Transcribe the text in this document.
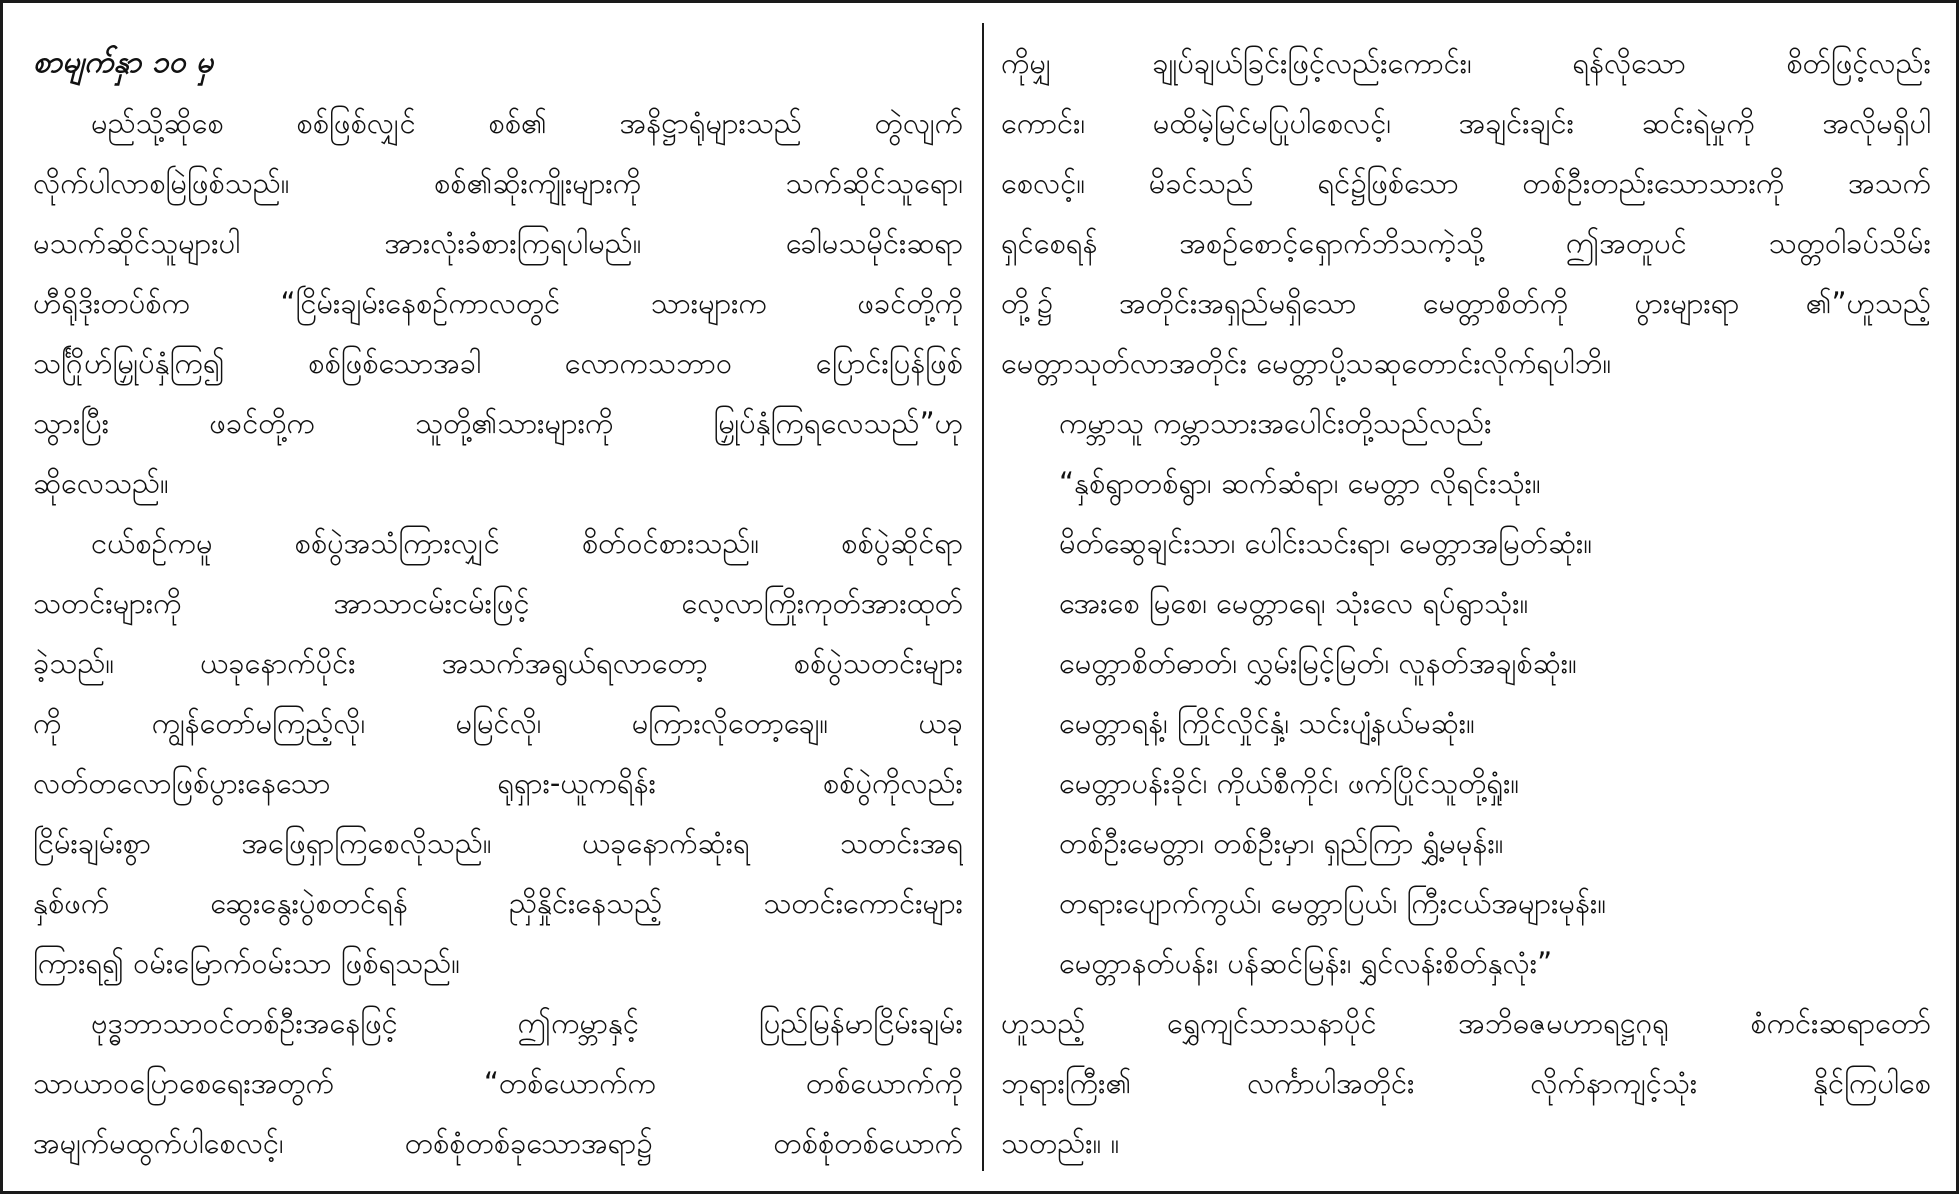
စာမျက်နှာ ၁၀ မှ
မည်သို့ဆိုစေ စစ်ဖြစ်လျှင် စစ်၏ အနိဋ္ဌာရုံများသည် တွဲလျက်
လိုက်ပါလာစမြဲဖြစ်သည်။ စစ်၏ဆိုးကျိုးများကို သက်ဆိုင်သူရော၊
မသက်ဆိုင်သူများပါ အားလုံးခံစားကြရပါမည်။ ခေါမသမိုင်းဆရာ
ဟီရိုဒိုးတပ်စ်က “ငြိမ်းချမ်းနေစဉ်ကာလတွင် သားများက ဖခင်တို့ကို
သင်္ဂြိုဟ်မြှုပ်နှံကြ၍ စစ်ဖြစ်သောအခါ လောကသဘာဝ ပြောင်းပြန်ဖြစ်
သွားပြီး ဖခင်တို့က သူတို့၏သားများကို မြှုပ်နှံကြရလေသည်”ဟု
ဆိုလေသည်။
ငယ်စဉ်ကမူ စစ်ပွဲအသံကြားလျှင် စိတ်ဝင်စားသည်။ စစ်ပွဲဆိုင်ရာ
သတင်းများကို အာသာငမ်းငမ်းဖြင့် လေ့လာကြိုးကုတ်အားထုတ်
ခဲ့သည်။ ယခုနောက်ပိုင်း အသက်အရွယ်ရလာတော့ စစ်ပွဲသတင်းများ
ကို ကျွန်တော်မကြည့်လို၊ မမြင်လို၊ မကြားလိုတော့ချေ။ ယခု
လတ်တလောဖြစ်ပွားနေသော ရုရှား-ယူကရိန်း စစ်ပွဲကိုလည်း
ငြိမ်းချမ်းစွာ အဖြေရှာကြစေလိုသည်။ ယခုနောက်ဆုံးရ သတင်းအရ
နှစ်ဖက် ဆွေးနွေးပွဲစတင်ရန် ညှိနှိုင်းနေသည့် သတင်းကောင်းများ
ကြားရ၍ ဝမ်းမြောက်ဝမ်းသာ ဖြစ်ရသည်။
ဗုဒ္ဓဘာသာဝင်တစ်ဦးအနေဖြင့် ဤကမ္ဘာနှင့် ပြည်မြန်မာငြိမ်းချမ်း
သာယာဝပြောစေရေးအတွက် “တစ်ယောက်က တစ်ယောက်ကို
အမျက်မထွက်ပါစေလင့်၊ တစ်စုံတစ်ခုသောအရာ၌ တစ်စုံတစ်ယောက်
ကိုမျှ ချုပ်ချယ်ခြင်းဖြင့်လည်းကောင်း၊ ရန်လိုသော စိတ်ဖြင့်လည်း
ကောင်း၊ မထိမဲ့မြင်မပြုပါစေလင့်၊ အချင်းချင်း ဆင်းရဲမှုကို အလိုမရှိပါ
စေလင့်။ မိခင်သည် ရင်၌ဖြစ်သော တစ်ဦးတည်းသောသားကို အသက်
ရှင်စေရန် အစဉ်စောင့်ရှောက်ဘိသကဲ့သို့ ဤအတူပင် သတ္တဝါခပ်သိမ်း
တို့၌ အတိုင်းအရှည်မရှိသော မေတ္တာစိတ်ကို ပွားများရာ ၏”ဟူသည့်
မေတ္တာသုတ်လာအတိုင်း မေတ္တာပို့သဆုတောင်းလိုက်ရပါဘိ။
ကမ္ဘာသူ ကမ္ဘာသားအပေါင်းတို့သည်လည်း
“နှစ်ရွာတစ်ရွာ၊ ဆက်ဆံရာ၊ မေတ္တာ လိုရင်းသုံး။
မိတ်ဆွေချင်းသာ၊ ပေါင်းသင်းရာ၊ မေတ္တာအမြတ်ဆုံး။
အေးစေ မြစေ၊ မေတ္တာရေ၊ သုံးလေ ရပ်ရွာသုံး။
မေတ္တာစိတ်ဓာတ်၊ လွှမ်းမြင့်မြတ်၊ လူနတ်အချစ်ဆုံး။
မေတ္တာရနံ့၊ ကြိုင်လှိုင်နှံ့၊ သင်းပျံ့နယ်မဆုံး။
မေတ္တာပန်းခိုင်၊ ကိုယ်စီကိုင်၊ ဖက်ပြိုင်သူတို့ရှုံး။
တစ်ဦးမေတ္တာ၊ တစ်ဦးမှာ၊ ရှည်ကြာ ရွှံ့မမုန်း။
တရားပျောက်ကွယ်၊ မေတ္တာပြယ်၊ ကြီးငယ်အများမုန်း။
မေတ္တာနတ်ပန်း၊ ပန်ဆင်မြန်း၊ ရွှင်လန်းစိတ်နှလုံး”
ဟူသည့် ရွှေကျင်သာသနာပိုင် အဘိဓဇမဟာရဋ္ဌဂုရု စံကင်းဆရာတော်
ဘုရားကြီး၏ လင်္ကာပါအတိုင်း လိုက်နာကျင့်သုံး နိုင်ကြပါစေ
သတည်း။ ။
